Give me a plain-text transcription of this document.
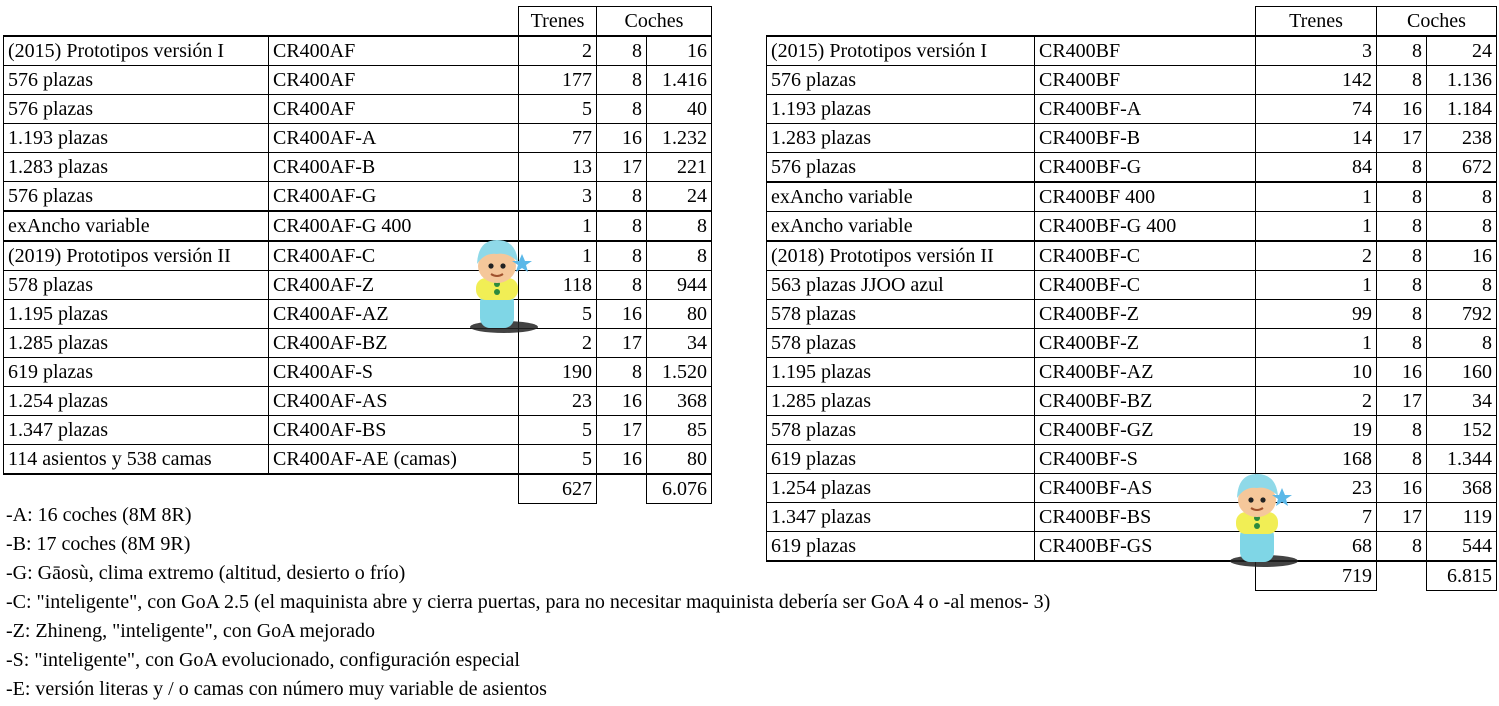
		Trenes	Coches	
(2015) Prototipos versión I	CR400AF	2	8	16
576 plazas	CR400AF	177	8	1.416
576 plazas	CR400AF	5	8	40
1.193 plazas	CR400AF-A	77	16	1.232
1.283 plazas	CR400AF-B	13	17	221
576 plazas	CR400AF-G	3	8	24
exAncho variable	CR400AF-G 400	1	8	8
(2019) Prototipos versión II	CR400AF-C	1	8	8
578 plazas	CR400AF-Z	118	8	944
1.195 plazas	CR400AF-AZ	5	16	80
1.285 plazas	CR400AF-BZ	2	17	34
619 plazas	CR400AF-S	190	8	1.520
1.254 plazas	CR400AF-AS	23	16	368
1.347 plazas	CR400AF-BS	5	17	85
114 asientos y 538 camas	CR400AF-AE (camas)	5	16	80
		627		6.076
		Trenes	Coches	
(2015) Prototipos versión I	CR400BF	3	8	24
576 plazas	CR400BF	142	8	1.136
1.193 plazas	CR400BF-A	74	16	1.184
1.283 plazas	CR400BF-B	14	17	238
576 plazas	CR400BF-G	84	8	672
exAncho variable	CR400BF 400	1	8	8
exAncho variable	CR400BF-G 400	1	8	8
(2018) Prototipos versión II	CR400BF-C	2	8	16
563 plazas JJOO azul	CR400BF-C	1	8	8
578 plazas	CR400BF-Z	99	8	792
578 plazas	CR400BF-Z	1	8	8
1.195 plazas	CR400BF-AZ	10	16	160
1.285 plazas	CR400BF-BZ	2	17	34
578 plazas	CR400BF-GZ	19	8	152
619 plazas	CR400BF-S	168	8	1.344
1.254 plazas	CR400BF-AS	23	16	368
1.347 plazas	CR400BF-BS	7	17	119
619 plazas	CR400BF-GS	68	8	544
		719		6.815
-A: 16 coches (8M 8R)
-B: 17 coches (8M 9R)
-G: Gāosù, clima extremo (altitud, desierto o frío)
-C: "inteligente", con GoA 2.5 (el maquinista abre y cierra puertas, para no necesitar maquinista debería ser GoA 4 o -al menos- 3)
-Z: Zhineng, "inteligente", con GoA mejorado
-S: "inteligente", con GoA evolucionado, configuración especial
-E: versión literas y / o camas con número muy variable de asientos
